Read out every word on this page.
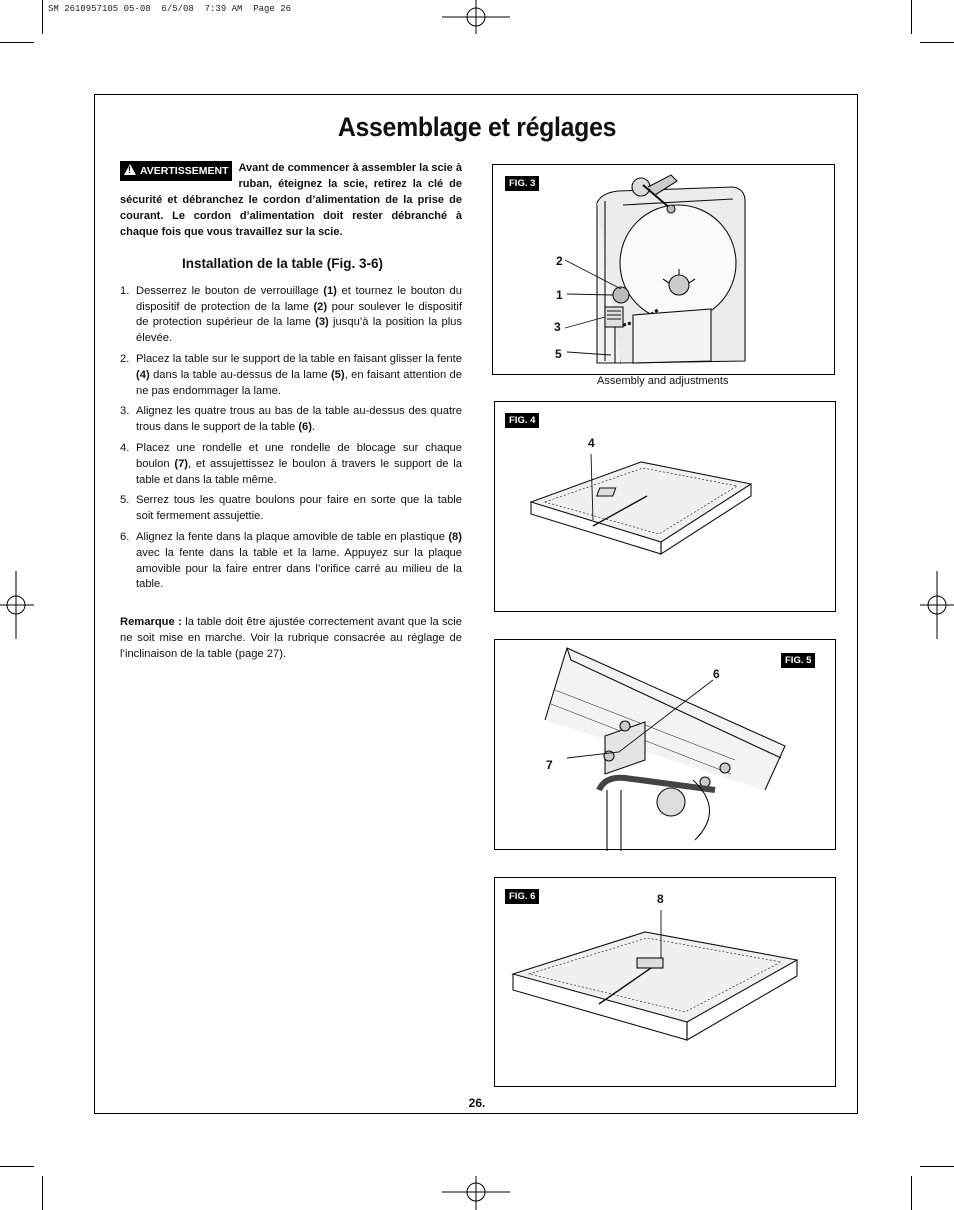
SM 2610957105 05-08  6/5/08  7:39 AM  Page 26
Assemblage et réglages
!AVERTISSEMENT Avant de commencer à assembler la scie à ruban, éteignez la scie, retirez la clé de sécurité et débranchez le cordon d’alimentation de la prise de courant. Le cordon d’alimentation doit rester débranché à chaque fois que vous travaillez sur la scie.
Installation de la table (Fig. 3-6)
1. Desserrez le bouton de verrouillage (1) et tournez le bouton du dispositif de protection de la lame (2) pour soulever le dispositif de protection supérieur de la lame (3) jusqu’à la position la plus élevée.
2. Placez la table sur le support de la table en faisant glisser la fente (4) dans la table au-dessus de la lame (5), en faisant attention de ne pas endommager la lame.
3. Alignez les quatre trous au bas de la table au-dessus des quatre trous dans le support de la table (6).
4. Placez une rondelle et une rondelle de blocage sur chaque boulon (7), et assujettissez le boulon à travers le support de la table et dans la table même.
5. Serrez tous les quatre boulons pour faire en sorte que la table soit fermement assujettie.
6. Alignez la fente dans la plaque amovible de table en plastique (8) avec la fente dans la table et la lame. Appuyez sur la plaque amovible pour la faire entrer dans l’orifice carré au milieu de la table.
Remarque : la table doit être ajustée correctement avant que la scie ne soit mise en marche. Voir la rubrique consacrée au réglage de l’inclinaison de la table (page 27).
FIG. 3
2
1
3
5
Assembly and adjustments
FIG. 4
4
FIG. 5
6
7
FIG. 6	8
26.
